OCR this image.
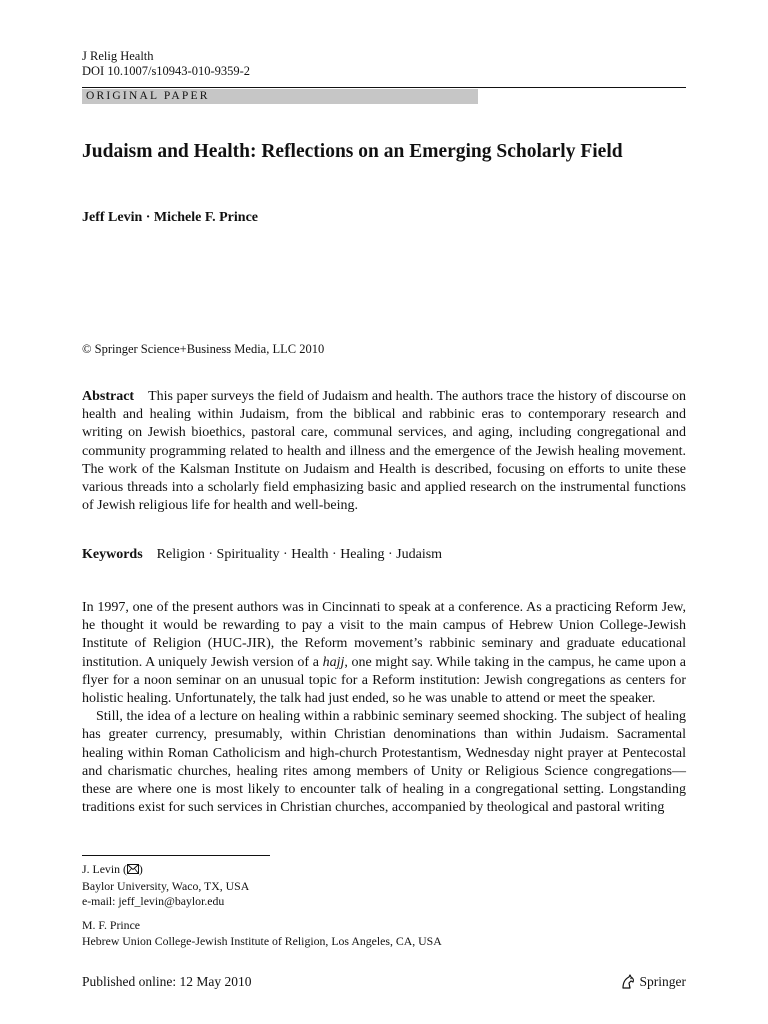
J Relig Health
DOI 10.1007/s10943-010-9359-2
ORIGINAL PAPER
Judaism and Health: Reflections on an Emerging Scholarly Field
Jeff Levin · Michele F. Prince
© Springer Science+Business Media, LLC 2010

Abstract This paper surveys the field of Judaism and health. The authors trace the history of discourse on health and healing within Judaism, from the biblical and rabbinic eras to contemporary research and writing on Jewish bioethics, pastoral care, communal services, and aging, including congregational and community programming related to health and illness and the emergence of the Jewish healing movement. The work of the Kalsman Institute on Judaism and Health is described, focusing on efforts to unite these various threads into a scholarly field emphasizing basic and applied research on the instrumental functions of Jewish religious life for health and well-being.

Keywords Religion · Spirituality · Health · Healing · Judaism

In 1997, one of the present authors was in Cincinnati to speak at a conference. As a practicing Reform Jew, he thought it would be rewarding to pay a visit to the main campus of Hebrew Union College-Jewish Institute of Religion (HUC-JIR), the Reform movement’s rabbinic seminary and graduate educational institution. A uniquely Jewish version of a hajj, one might say. While taking in the campus, he came upon a flyer for a noon seminar on an unusual topic for a Reform institution: Jewish congregations as centers for holistic healing. Unfortunately, the talk had just ended, so he was unable to attend or meet the speaker.

Still, the idea of a lecture on healing within a rabbinic seminary seemed shocking. The subject of healing has greater currency, presumably, within Christian denominations than within Judaism. Sacramental healing within Roman Catholicism and high-church Protestantism, Wednesday night prayer at Pentecostal and charismatic churches, healing rites among members of Unity or Religious Science congregations—these are where one is most likely to encounter talk of healing in a congregational setting. Longstanding traditions exist for such services in Christian churches, accompanied by theological and pastoral writing

J. Levin ( )
Baylor University, Waco, TX, USA
e-mail: jeff_levin@baylor.edu
M. F. Prince
Hebrew Union College-Jewish Institute of Religion, Los Angeles, CA, USA
Published online: 12 May 2010	Springer
